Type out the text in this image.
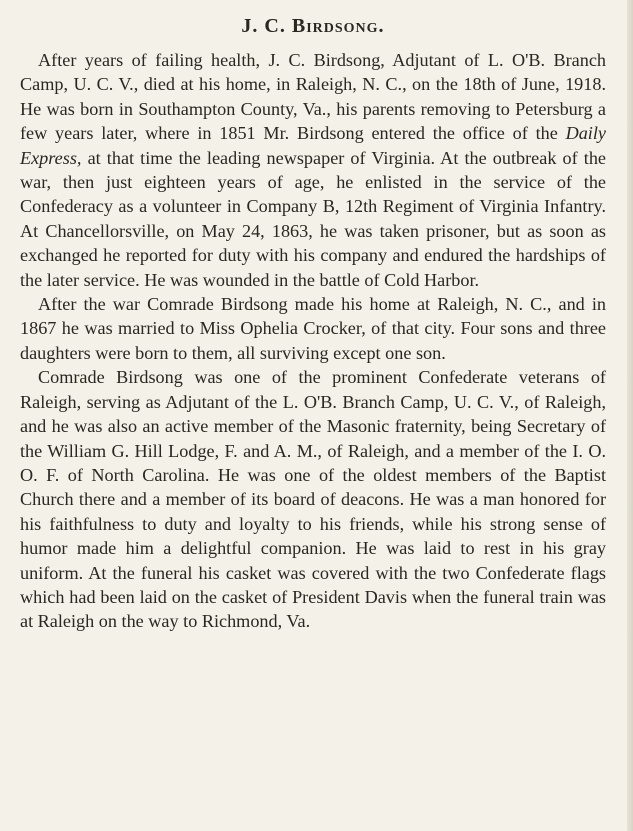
J. C. Birdsong.

After years of failing health, J. C. Birdsong, Adjutant of L. O'B. Branch Camp, U. C. V., died at his home, in Raleigh, N. C., on the 18th of June, 1918. He was born in Southampton County, Va., his parents removing to Petersburg a few years later, where in 1851 Mr. Birdsong entered the office of the Daily Express, at that time the leading newspaper of Virginia. At the outbreak of the war, then just eighteen years of age, he enlisted in the service of the Confederacy as a volunteer in Company B, 12th Regiment of Virginia Infantry. At Chancellorsville, on May 24, 1863, he was taken prisoner, but as soon as exchanged he reported for duty with his company and endured the hardships of the later service. He was wounded in the battle of Cold Harbor.

After the war Comrade Birdsong made his home at Raleigh, N. C., and in 1867 he was married to Miss Ophelia Crocker, of that city. Four sons and three daughters were born to them, all surviving except one son.

Comrade Birdsong was one of the prominent Confederate veterans of Raleigh, serving as Adjutant of the L. O'B. Branch Camp, U. C. V., of Raleigh, and he was also an active member of the Masonic fraternity, being Secretary of the William G. Hill Lodge, F. and A. M., of Raleigh, and a member of the I. O. O. F. of North Carolina. He was one of the oldest members of the Baptist Church there and a member of its board of deacons. He was a man honored for his faithfulness to duty and loyalty to his friends, while his strong sense of humor made him a delightful companion. He was laid to rest in his gray uniform. At the funeral his casket was covered with the two Confederate flags which had been laid on the casket of President Davis when the funeral train was at Raleigh on the way to Richmond, Va.
